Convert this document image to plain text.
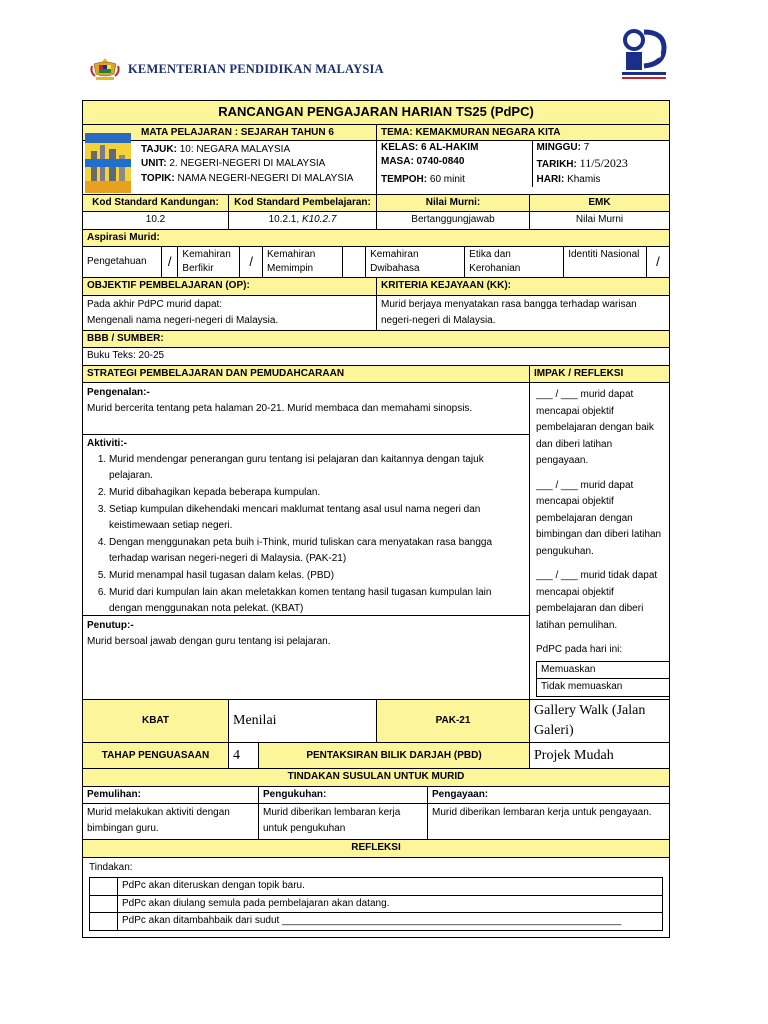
KEMENTERIAN PENDIDIKAN MALAYSIA
25
RANCANGAN PENGAJARAN HARIAN TS25 (PdPC)

MATA PELAJARAN : SEJARAH TAHUN 6
TAJUK: 10: NEGARA MALAYSIA
UNIT: 2. NEGERI-NEGERI DI MALAYSIA
TOPIK: NAMA NEGERI-NEGERI DI MALAYSIA

TEMA: KEMAKMURAN NEGARA KITA
KELAS: 6 AL-HAKIM	MINGGU: 7
MASA: 0740-0840	TARIKH: 11/5/2023
TEMPOH: 60 minit	HARI: Khamis

Kod Standard Kandungan:	Kod Standard Pembelajaran:	Nilai Murni:	EMK
10.2	10.2.1, K10.2.7	Bertanggungjawab	Nilai Murni
Aspirasi Murid:

Pengetahuan	/	Kemahiran Berfikir	/	Kemahiran Memimpin		Kemahiran Dwibahasa	Etika dan Kerohanian	Identiti Nasional	/

OBJEKTIF PEMBELAJARAN (OP):	KRITERIA KEJAYAAN (KK):

Pada akhir PdPC murid dapat:
Mengenali nama negeri-negeri di Malaysia.
	Murid berjaya menyatakan rasa bangga terhadap warisan negeri-negeri di Malaysia.
BBB / SUMBER:
Buku Teks: 20-25
STRATEGI PEMBELAJARAN DAN PEMUDAHCARAAN	IMPAK / REFLEKSI

Pengenalan:-
Murid bercerita tentang peta halaman 20-21. Murid membaca dan memahami sinopsis.
Aktiviti:-
1. Murid mendengar penerangan guru tentang isi pelajaran dan kaitannya dengan tajuk pelajaran.
2. Murid dibahagikan kepada beberapa kumpulan.
3. Setiap kumpulan dikehendaki mencari maklumat tentang asal usul nama negeri dan keistimewaan setiap negeri.
4. Dengan menggunakan peta buih i-Think, murid tuliskan cara menyatakan rasa bangga terhadap warisan negeri-negeri di Malaysia. (PAK-21)
5. Murid menampal hasil tugasan dalam kelas. (PBD)
6. Murid dari kumpulan lain akan meletakkan komen tentang hasil tugasan kumpulan lain dengan menggunakan nota pelekat. (KBAT)
Penutup:-
Murid bersoal jawab dengan guru tentang isi pelajaran.

___ / ___ murid dapat mencapai objektif pembelajaran dengan baik dan diberi latihan pengayaan.
___ / ___ murid dapat mencapai objektif pembelajaran dengan bimbingan dan diberi latihan pengukuhan.
___ / ___ murid tidak dapat mencapai objektif pembelajaran dan diberi latihan pemulihan.
PdPC pada hari ini:
Memuaskan	
Tidak memuaskan	

KBAT	Menilai	PAK-21	Gallery Walk (Jalan Galeri)
TAHAP PENGUASAAN	4	PENTAKSIRAN BILIK DARJAH (PBD)	Projek Mudah
TINDAKAN SUSULAN UNTUK MURID
Pemulihan:	Pengukuhan:	Pengayaan:
Murid melakukan aktiviti dengan bimbingan guru.	Murid diberikan lembaran kerja untuk pengukuhan	Murid diberikan lembaran kerja untuk pengayaan.
REFLEKSI

Tindakan:
	PdPc akan diteruskan dengan topik baru.
	PdPc akan diulang semula pada pembelajaran akan datang.
	PdPc akan ditambahbaik dari sudut _____________________________________________________________
